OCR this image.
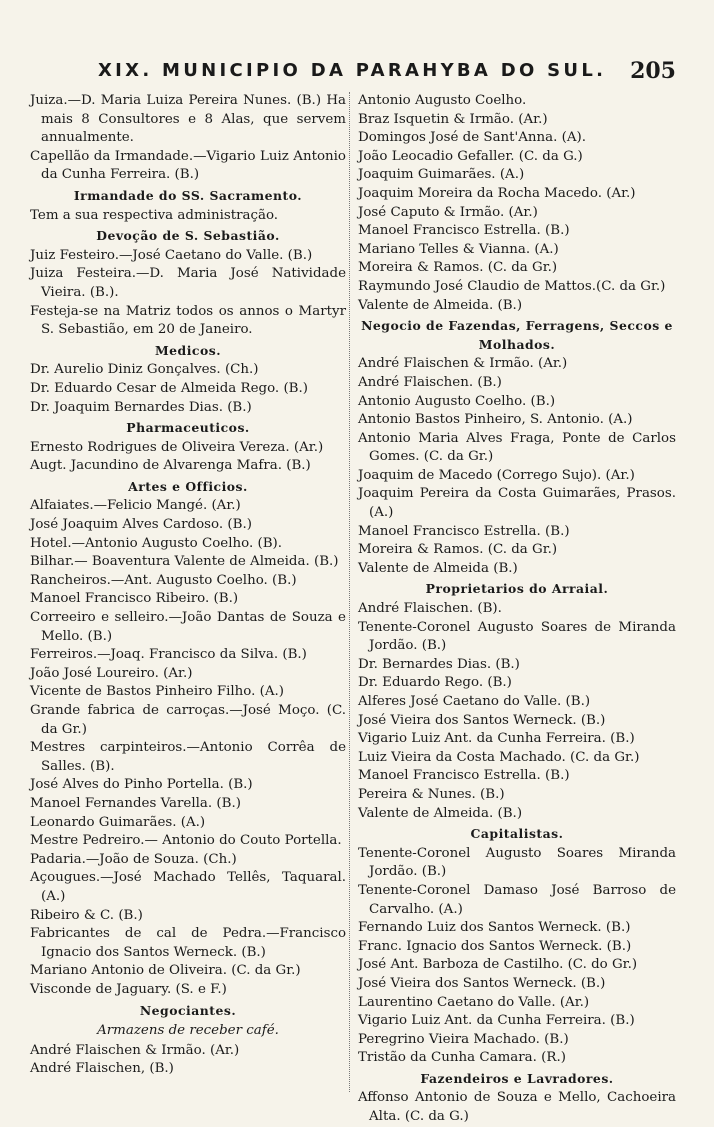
XIX. MUNICIPIO DA PARAHYBA DO SUL. 205
Juiza.—D. Maria Luiza Pereira Nunes. (B.) Ha mais 8 Consultores e 8 Alas, que servem annualmente.
Capellão da Irmandade.—Vigario Luiz Antonio da Cunha Ferreira. (B.)
Irmandade do SS. Sacramento.
Tem a sua respectiva administração.
Devoção de S. Sebastião.
Juiz Festeiro.—José Caetano do Valle. (B.)
Juiza Festeira.—D. Maria José Natividade Vieira. (B.).
Festeja-se na Matriz todos os annos o Martyr S. Sebastião, em 20 de Janeiro.
Medicos.
Dr. Aurelio Diniz Gonçalves. (Ch.)
Dr. Eduardo Cesar de Almeida Rego. (B.)
Dr. Joaquim Bernardes Dias. (B.)
Pharmaceuticos.
Ernesto Rodrigues de Oliveira Vereza. (Ar.)
Augt. Jacundino de Alvarenga Mafra. (B.)
Artes e Officios.
Alfaiates.—Felicio Mangé. (Ar.)
José Joaquim Alves Cardoso. (B.)
Hotel.—Antonio Augusto Coelho. (B).
Bilhar.— Boaventura Valente de Almeida. (B.)
Rancheiros.—Ant. Augusto Coelho. (B.)
Manoel Francisco Ribeiro. (B.)
Correeiro e selleiro.—João Dantas de Souza e Mello. (B.)
Ferreiros.—Joaq. Francisco da Silva. (B.)
João José Loureiro. (Ar.)
Vicente de Bastos Pinheiro Filho. (A.)
Grande fabrica de carroças.—José Moço. (C. da Gr.)
Mestres carpinteiros.—Antonio Corrêa de Salles. (B).
José Alves do Pinho Portella. (B.)
Manoel Fernandes Varella. (B.)
Leonardo Guimarães. (A.)
Mestre Pedreiro.— Antonio do Couto Portella.
Padaria.—João de Souza. (Ch.)
Açougues.—José Machado Tellês, Taquaral. (A.)
Ribeiro & C. (B.)
Fabricantes de cal de Pedra.—Francisco Ignacio dos Santos Werneck. (B.)
Mariano Antonio de Oliveira. (C. da Gr.)
Visconde de Jaguary. (S. e F.)
Negociantes.
Armazens de receber café.
André Flaischen & Irmão. (Ar.)
André Flaischen, (B.)
Antonio Augusto Coelho.
Braz Isquetin & Irmão. (Ar.)
Domingos José de Sant'Anna. (A).
João Leocadio Gefaller. (C. da G.)
Joaquim Guimarães. (A.)
Joaquim Moreira da Rocha Macedo. (Ar.)
José Caputo & Irmão. (Ar.)
Manoel Francisco Estrella. (B.)
Mariano Telles & Vianna. (A.)
Moreira & Ramos. (C. da Gr.)
Raymundo José Claudio de Mattos.(C. da Gr.)
Valente de Almeida. (B.)
Negocio de Fazendas, Ferragens, Seccos e Molhados.
André Flaischen & Irmão. (Ar.)
André Flaischen. (B.)
Antonio Augusto Coelho. (B.)
Antonio Bastos Pinheiro, S. Antonio. (A.)
Antonio Maria Alves Fraga, Ponte de Carlos Gomes. (C. da Gr.)
Joaquim de Macedo (Corrego Sujo). (Ar.)
Joaquim Pereira da Costa Guimarães, Prasos. (A.)
Manoel Francisco Estrella. (B.)
Moreira & Ramos. (C. da Gr.)
Valente de Almeida (B.)
Proprietarios do Arraial.
André Flaischen. (B).
Tenente-Coronel Augusto Soares de Miranda Jordão. (B.)
Dr. Bernardes Dias. (B.)
Dr. Eduardo Rego. (B.)
Alferes José Caetano do Valle. (B.)
José Vieira dos Santos Werneck. (B.)
Vigario Luiz Ant. da Cunha Ferreira. (B.)
Luiz Vieira da Costa Machado. (C. da Gr.)
Manoel Francisco Estrella. (B.)
Pereira & Nunes. (B.)
Valente de Almeida. (B.)
Capitalistas.
Tenente-Coronel Augusto Soares Miranda Jordão. (B.)
Tenente-Coronel Damaso José Barroso de Carvalho. (A.)
Fernando Luiz dos Santos Werneck. (B.)
Franc. Ignacio dos Santos Werneck. (B.)
José Ant. Barboza de Castilho. (C. do Gr.)
José Vieira dos Santos Werneck. (B.)
Laurentino Caetano do Valle. (Ar.)
Vigario Luiz Ant. da Cunha Ferreira. (B.)
Peregrino Vieira Machado. (B.)
Tristão da Cunha Camara. (R.)
Fazendeiros e Lavradores.
Affonso Antonio de Souza e Mello, Cachoeira Alta. (C. da G.)
